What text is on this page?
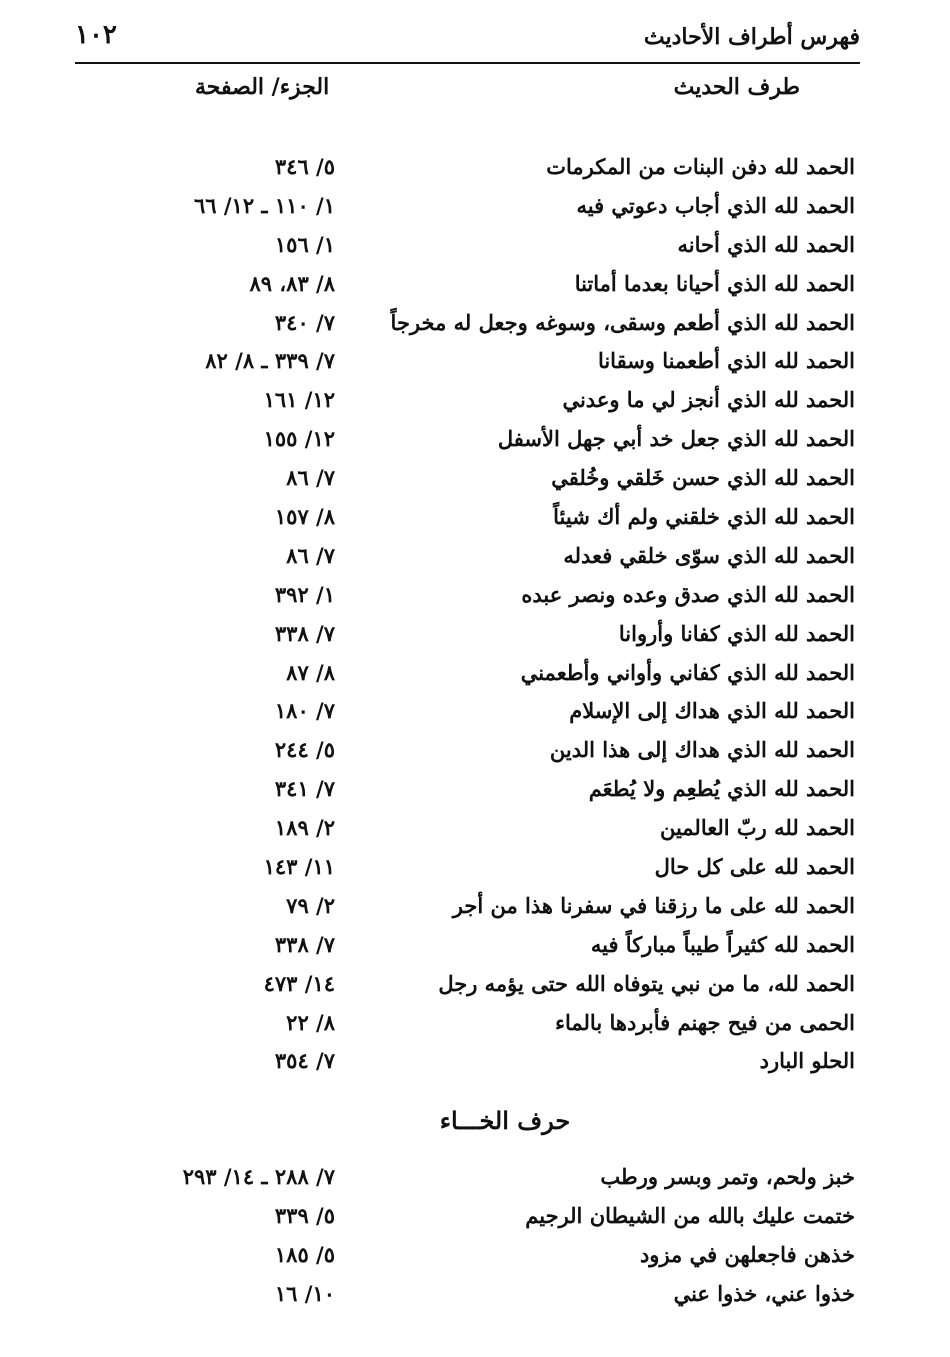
فهرس أطراف الأحاديث
١٠٢
طرف الحديث
الجزء/ الصفحة
الحمد لله دفن البنات من المكرمات
٥/ ٣٤٦
الحمد لله الذي أجاب دعوتي فيه
١/ ١١٠ ـ ١٢/ ٦٦
الحمد لله الذي أحانه
١/ ١٥٦
الحمد لله الذي أحيانا بعدما أماتنا
٨/ ٨٣، ٨٩
الحمد لله الذي أطعم وسقى، وسوغه وجعل له مخرجاً
٧/ ٣٤٠
الحمد لله الذي أطعمنا وسقانا
٧/ ٣٣٩ ـ ٨/ ٨٢
الحمد لله الذي أنجز لي ما وعدني
١٢/ ١٦١
الحمد لله الذي جعل خد أبي جهل الأسفل
١٢/ ١٥٥
الحمد لله الذي حسن خَلقي وخُلقي
٧/ ٨٦
الحمد لله الذي خلقني ولم أك شيئاً
٨/ ١٥٧
الحمد لله الذي سوّى خلقي فعدله
٧/ ٨٦
الحمد لله الذي صدق وعده ونصر عبده
١/ ٣٩٢
الحمد لله الذي كفانا وأروانا
٧/ ٣٣٨
الحمد لله الذي كفاني وأواني وأطعمني
٨/ ٨٧
الحمد لله الذي هداك إلى الإسلام
٧/ ١٨٠
الحمد لله الذي هداك إلى هذا الدين
٥/ ٢٤٤
الحمد لله الذي يُطعِم ولا يُطعَم
٧/ ٣٤١
الحمد لله ربّ العالمين
٢/ ١٨٩
الحمد لله على كل حال
١١/ ١٤٣
الحمد لله على ما رزقنا في سفرنا هذا من أجر
٢/ ٧٩
الحمد لله كثيراً طيباً مباركاً فيه
٧/ ٣٣٨
الحمد لله، ما من نبي يتوفاه الله حتى يؤمه رجل
١٤/ ٤٧٣
الحمى من فيح جهنم فأبردها بالماء
٨/ ٢٢
الحلو البارد
٧/ ٣٥٤
حرف الخـــاء
خبز ولحم، وتمر وبسر ورطب
٧/ ٢٨٨ ـ ١٤/ ٢٩٣
ختمت عليك بالله من الشيطان الرجيم
٥/ ٣٣٩
خذهن فاجعلهن في مزود
٥/ ١٨٥
خذوا عني، خذوا عني
١٠/ ١٦
